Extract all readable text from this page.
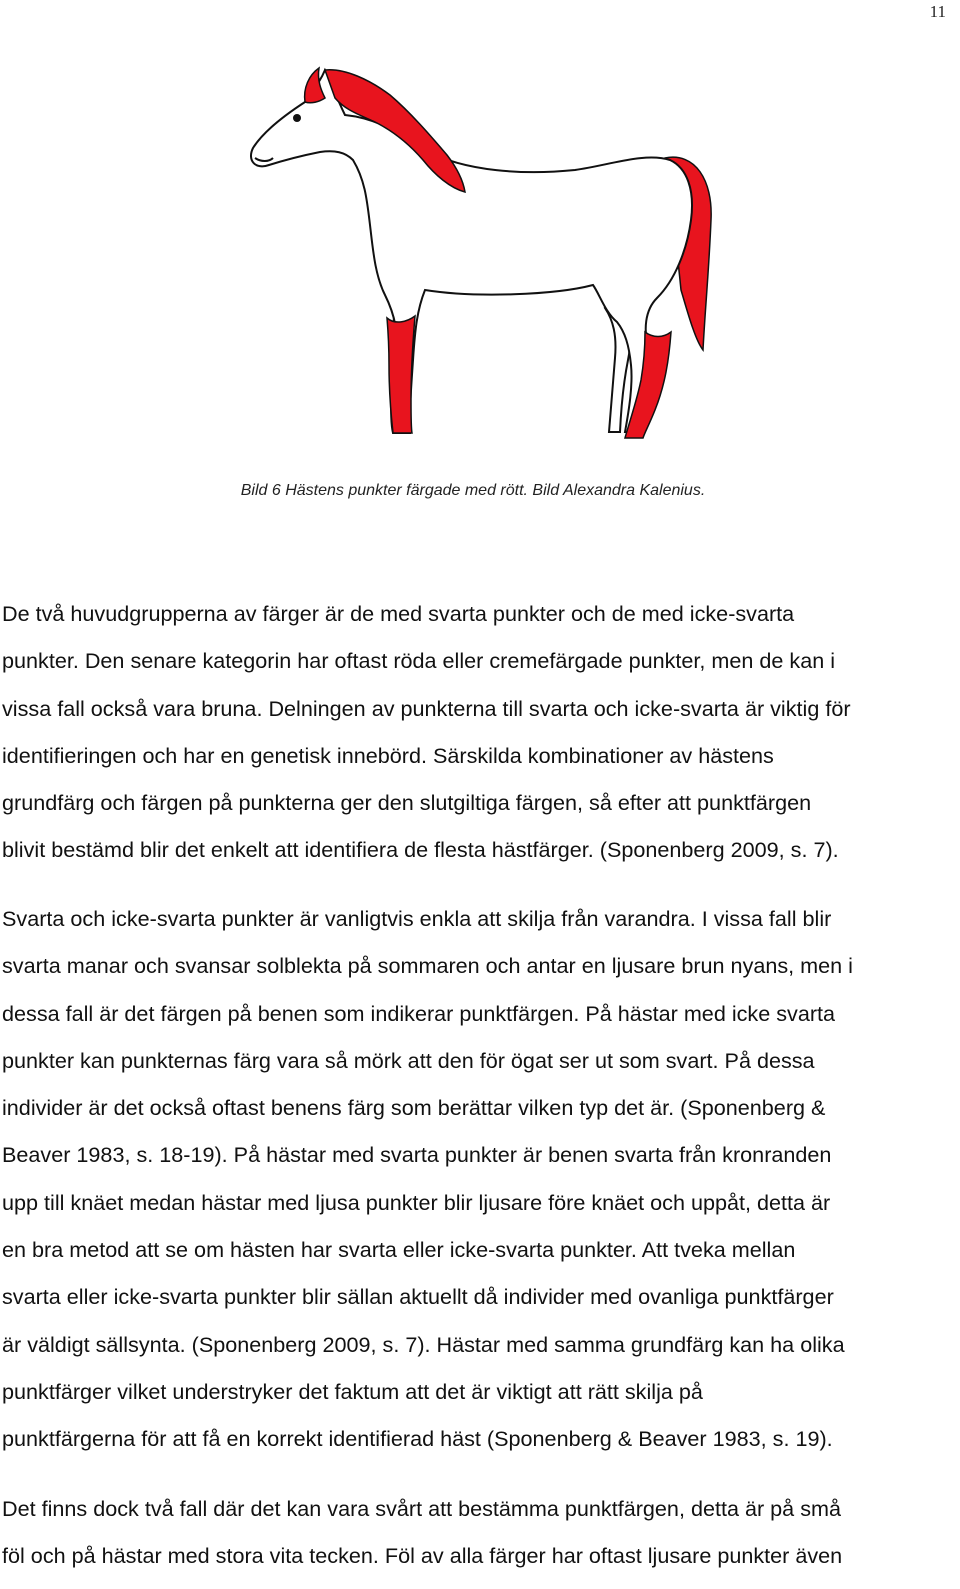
11
Bild 6 Hästens punkter färgade med rött. Bild Alexandra Kalenius.

De två huvudgrupperna av färger är de med svarta punkter och de med icke-svarta
punkter. Den senare kategorin har oftast röda eller cremefärgade punkter, men de kan i
vissa fall också vara bruna. Delningen av punkterna till svarta och icke-svarta är viktig för
identifieringen och har en genetisk innebörd. Särskilda kombinationer av hästens
grundfärg och färgen på punkterna ger den slutgiltiga färgen, så efter att punktfärgen
blivit bestämd blir det enkelt att identifiera de flesta hästfärger. (Sponenberg 2009, s. 7).

Svarta och icke-svarta punkter är vanligtvis enkla att skilja från varandra. I vissa fall blir
svarta manar och svansar solblekta på sommaren och antar en ljusare brun nyans, men i
dessa fall är det färgen på benen som indikerar punktfärgen. På hästar med icke svarta
punkter kan punkternas färg vara så mörk att den för ögat ser ut som svart. På dessa
individer är det också oftast benens färg som berättar vilken typ det är. (Sponenberg &
Beaver 1983, s. 18-19). På hästar med svarta punkter är benen svarta från kronranden
upp till knäet medan hästar med ljusa punkter blir ljusare före knäet och uppåt, detta är
en bra metod att se om hästen har svarta eller icke-svarta punkter. Att tveka mellan
svarta eller icke-svarta punkter blir sällan aktuellt då individer med ovanliga punktfärger
är väldigt sällsynta. (Sponenberg 2009, s. 7). Hästar med samma grundfärg kan ha olika
punktfärger vilket understryker det faktum att det är viktigt att rätt skilja på
punktfärgerna för att få en korrekt identifierad häst (Sponenberg & Beaver 1983, s. 19).

Det finns dock två fall där det kan vara svårt att bestämma punktfärgen, detta är på små
föl och på hästar med stora vita tecken. Föl av alla färger har oftast ljusare punkter även
